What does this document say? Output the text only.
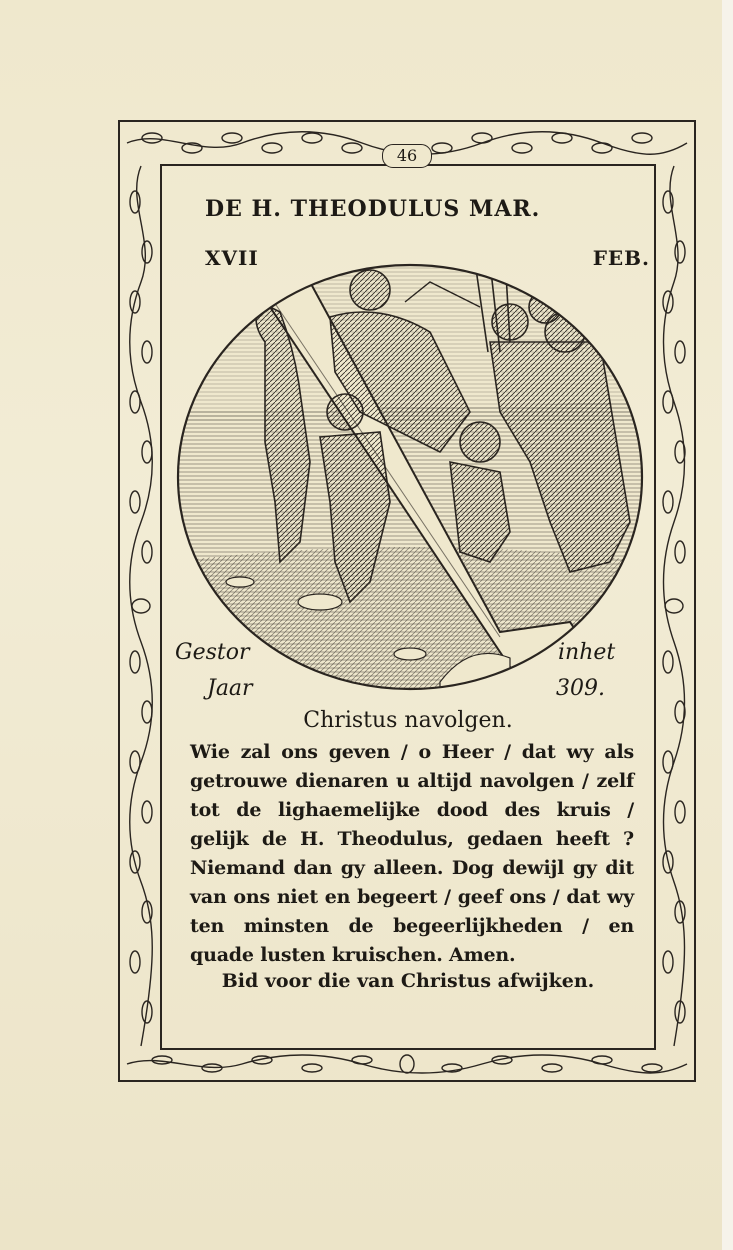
46
DE H. THEODULUS MAR.
XVII	FEB.
Gestor	inhet
Jaar	309.
Christus navolgen.

Wie zal ons geven / o Heer / dat wy als getrouwe dienaren u altijd navolgen / zelf tot de lighaemelijke dood des kruis / gelijk de H. Theodulus, gedaen heeft ? Niemand dan gy alleen. Dog dewijl gy dit van ons niet en begeert / geef ons / dat wy ten minsten de begeerlijkheden / en quade lusten kruischen. Amen.

Bid voor die van Christus afwijken.
